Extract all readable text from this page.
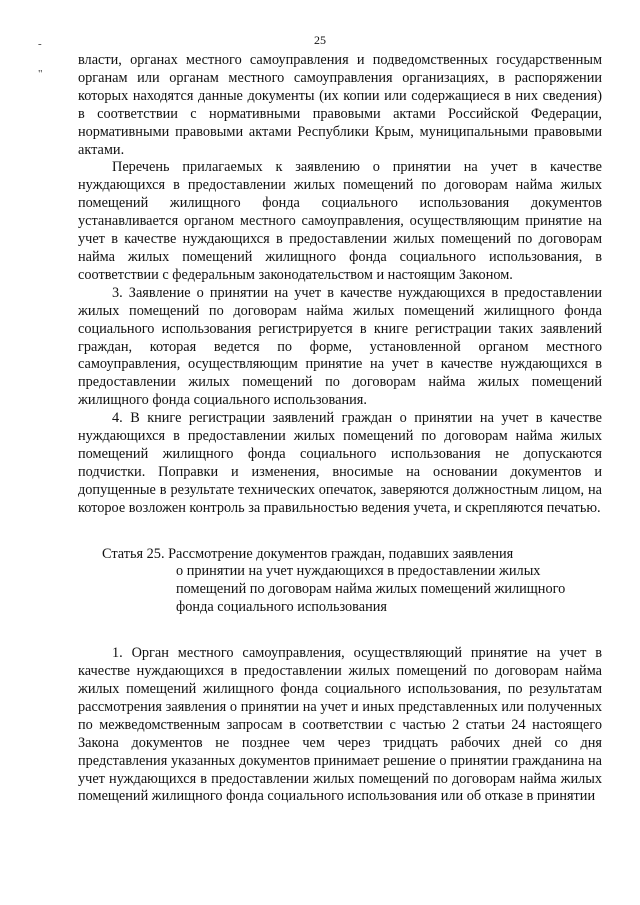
25
-
"

власти, органах местного самоуправления и подведомственных государственным органам или органам местного самоуправления организациях, в распоряжении которых находятся данные документы (их копии или содержащиеся в них сведения) в соответствии с нормативными правовыми актами Российской Федерации, нормативными правовыми актами Республики Крым, муниципальными правовыми актами.

Перечень прилагаемых к заявлению о принятии на учет в качестве нуждающихся в предоставлении жилых помещений по договорам найма жилых помещений жилищного фонда социального использования документов устанавливается органом местного самоуправления, осуществляющим принятие на учет в качестве нуждающихся в предоставлении жилых помещений по договорам найма жилых помещений жилищного фонда социального использования, в соответствии с федеральным законодательством и настоящим Законом.

3. Заявление о принятии на учет в качестве нуждающихся в предоставлении жилых помещений по договорам найма жилых помещений жилищного фонда социального использования регистрируется в книге регистрации таких заявлений граждан, которая ведется по форме, установленной органом местного самоуправления, осуществляющим принятие на учет в качестве нуждающихся в предоставлении жилых помещений по договорам найма жилых помещений жилищного фонда социального использования.

4. В книге регистрации заявлений граждан о принятии на учет в качестве нуждающихся в предоставлении жилых помещений по договорам найма жилых помещений жилищного фонда социального использования не допускаются подчистки. Поправки и изменения, вносимые на основании документов и допущенные в результате технических опечаток, заверяются должностным лицом, на которое возложен контроль за правильностью ведения учета, и скрепляются печатью.

Статья 25. Рассмотрение документов граждан, подавших заявления
о принятии на учет нуждающихся в предоставлении жилых помещений по договорам найма жилых помещений жилищного фонда социального использования

1. Орган местного самоуправления, осуществляющий принятие на учет в качестве нуждающихся в предоставлении жилых помещений по договорам найма жилых помещений жилищного фонда социального использования, по результатам рассмотрения заявления о принятии на учет и иных представленных или полученных по межведомственным запросам в соответствии с частью 2 статьи 24 настоящего Закона документов не позднее чем через тридцать рабочих дней со дня представления указанных документов принимает решение о принятии гражданина на учет нуждающихся в предоставлении жилых помещений по договорам найма жилых помещений жилищного фонда социального использования или об отказе в принятии
